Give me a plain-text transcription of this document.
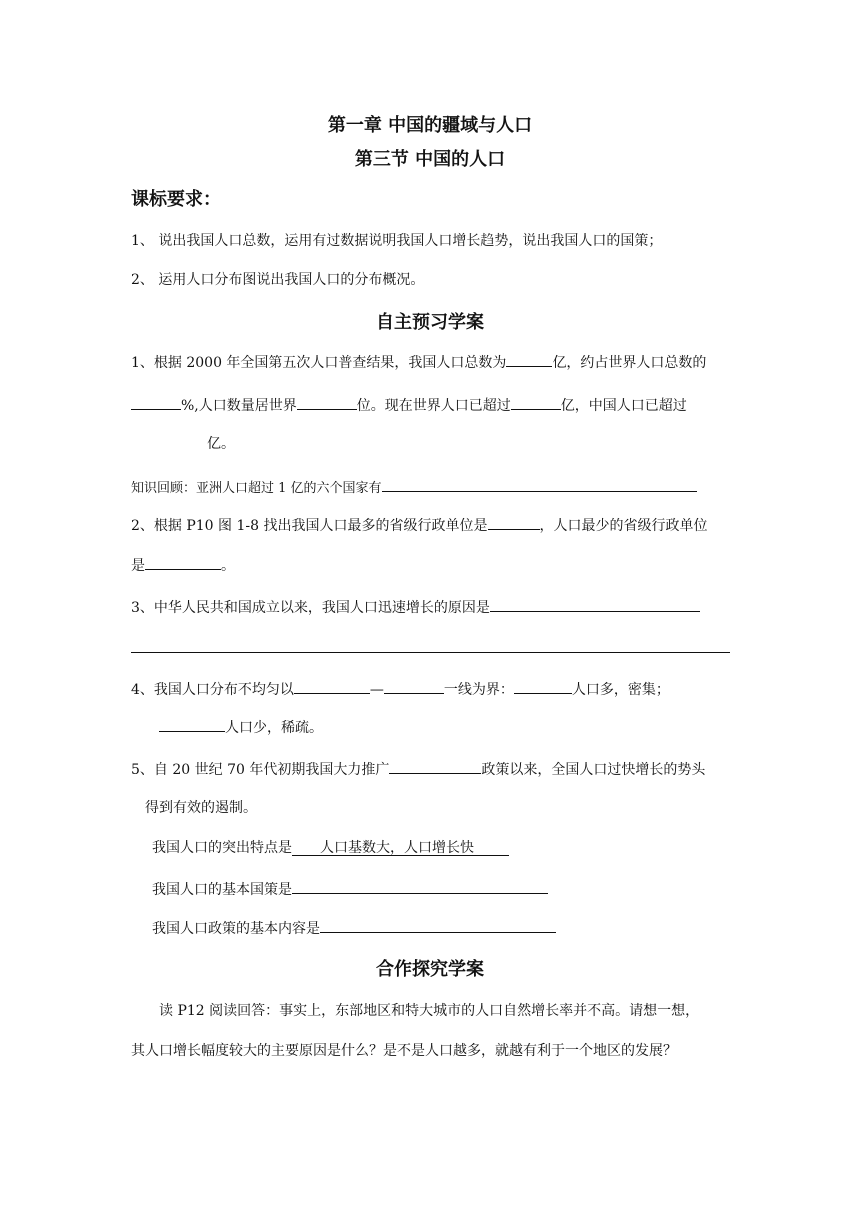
第一章 中国的疆域与人口
第三节 中国的人口
课标要求：
1、 说出我国人口总数，运用有过数据说明我国人口增长趋势，说出我国人口的国策；
2、 运用人口分布图说出我国人口的分布概况。
自主预习学案
1、根据 2000 年全国第五次人口普查结果，我国人口总数为	亿，约占世界人口总数的
%,人口数量居世界	位。现在世界人口已超过	亿，中国人口已超过
亿。
知识回顾：亚洲人口超过 1 亿的六个国家有
2、根据 P10 图 1-8 找出我国人口最多的省级行政单位是	，人口最少的省级行政单位
是	。
3、中华人民共和国成立以来，我国人口迅速增长的原因是
4、我国人口分布不均匀以	—	一线为界：	人口多，密集；
人口少，稀疏。
5、自 20 世纪 70 年代初期我国大力推广	政策以来，全国人口过快增长的势头
得到有效的遏制。
我国人口的突出特点是　   人口基数大，人口增长快　　 
我国人口的基本国策是
我国人口政策的基本内容是
合作探究学案
读 P12 阅读回答：事实上，东部地区和特大城市的人口自然增长率并不高。请想一想，
其人口增长幅度较大的主要原因是什么？是不是人口越多，就越有利于一个地区的发展？
